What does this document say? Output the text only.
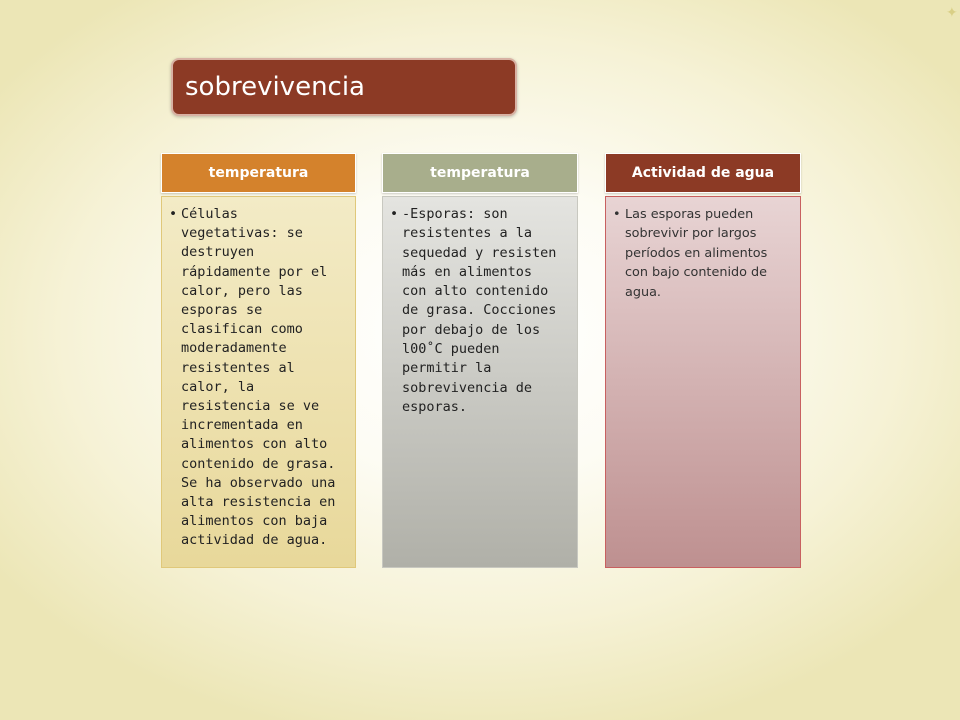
✦
sobrevivencia
temperatura
• Células vegetativas: se destruyen rápidamente por el calor, pero las esporas se clasifican como moderadamente resistentes al calor, la resistencia se ve incrementada en alimentos con alto contenido de grasa. Se ha observado una alta resistencia en alimentos con baja actividad de agua.
temperatura
• -Esporas: son resistentes a la sequedad y resisten más en alimentos con alto contenido de grasa. Cocciones por debajo de los l00˚C pueden permitir la sobrevivencia de esporas.
Actividad de agua
• Las esporas pueden sobrevivir por largos períodos en alimentos con bajo contenido de agua.
